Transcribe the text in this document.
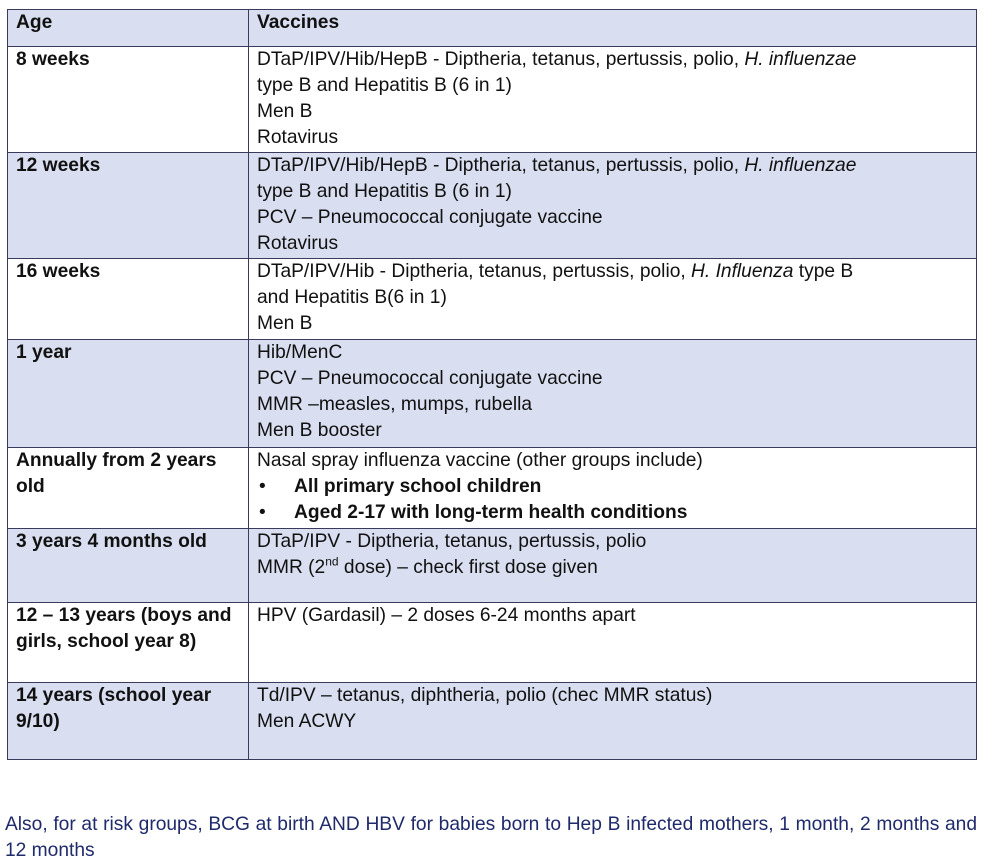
Age	Vaccines
8 weeks	DTaP/IPV/Hib/HepB - Diptheria, tetanus, pertussis, polio, H. influenzae
type B and Hepatitis B (6 in 1)
Men B
Rotavirus

12 weeks	DTaP/IPV/Hib/HepB - Diptheria, tetanus, pertussis, polio, H. influenzae
type B and Hepatitis B (6 in 1)
PCV – Pneumococcal conjugate vaccine
Rotavirus

16 weeks	DTaP/IPV/Hib - Diptheria, tetanus, pertussis, polio, H. Influenza type B
and Hepatitis B(6 in 1)
Men B

1 year	Hib/MenC
PCV – Pneumococcal conjugate vaccine
MMR –measles, mumps, rubella
Men B booster

Annually from 2 years old	Nasal spray influenza vaccine (other groups include)
• All primary school children
• Aged 2-17 with long-term health conditions

3 years 4 months old	DTaP/IPV - Diptheria, tetanus, pertussis, polio
MMR (2nd dose) – check first dose given

12 – 13 years (boys and girls, school year 8)	HPV (Gardasil) – 2 doses 6-24 months apart

14 years (school year 9/10)	Td/IPV – tetanus, diphtheria, polio (chec MMR status)
Men ACWY

Also, for at risk groups, BCG at birth AND HBV for babies born to Hep B infected mothers, 1 month, 2 months and 12 months
